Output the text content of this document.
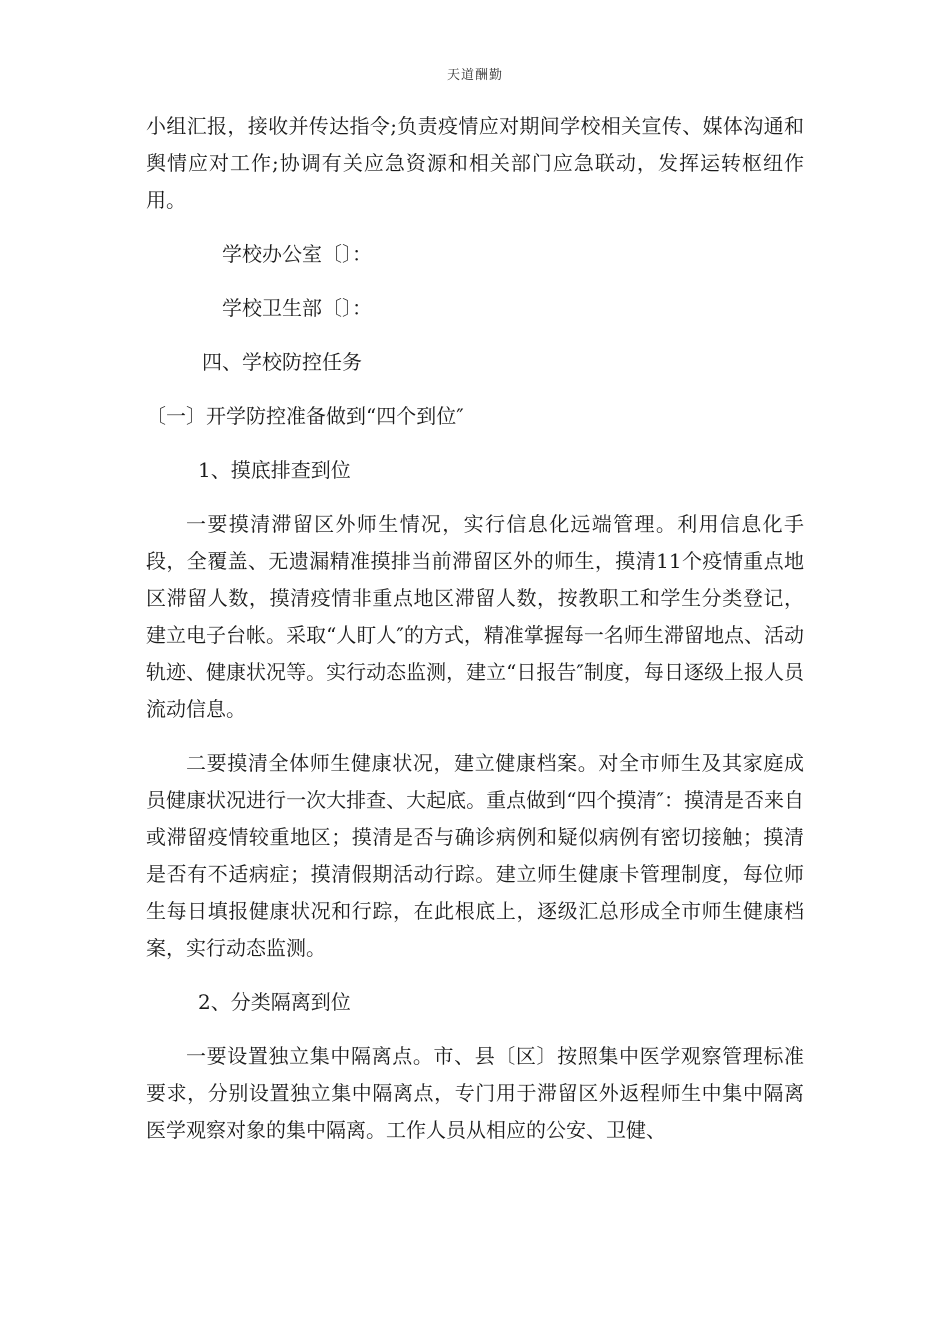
天道酬勤

小组汇报，接收并传达指令;负责疫情应对期间学校相关宣传、媒体沟通和舆情应对工作;协调有关应急资源和相关部门应急联动，发挥运转枢纽作用。

学校办公室〔〕：

学校卫生部〔〕：

四、学校防控任务

〔一〕开学防控准备做到“四个到位″

1、摸底排查到位

一要摸清滞留区外师生情况，实行信息化远端管理。利用信息化手段，全覆盖、无遗漏精准摸排当前滞留区外的师生，摸清11个疫情重点地区滞留人数，摸清疫情非重点地区滞留人数，按教职工和学生分类登记，建立电子台帐。采取“人盯人″的方式，精准掌握每一名师生滞留地点、活动轨迹、健康状况等。实行动态监测，建立“日报告″制度，每日逐级上报人员流动信息。

二要摸清全体师生健康状况，建立健康档案。对全市师生及其家庭成员健康状况进行一次大排查、大起底。重点做到“四个摸清″：摸清是否来自或滞留疫情较重地区；摸清是否与确诊病例和疑似病例有密切接触；摸清是否有不适病症；摸清假期活动行踪。建立师生健康卡管理制度，每位师生每日填报健康状况和行踪，在此根底上，逐级汇总形成全市师生健康档案，实行动态监测。

2、分类隔离到位

一要设置独立集中隔离点。市、县〔区〕按照集中医学观察管理标准要求，分别设置独立集中隔离点，专门用于滞留区外返程师生中集中隔离医学观察对象的集中隔离。工作人员从相应的公安、卫健、
